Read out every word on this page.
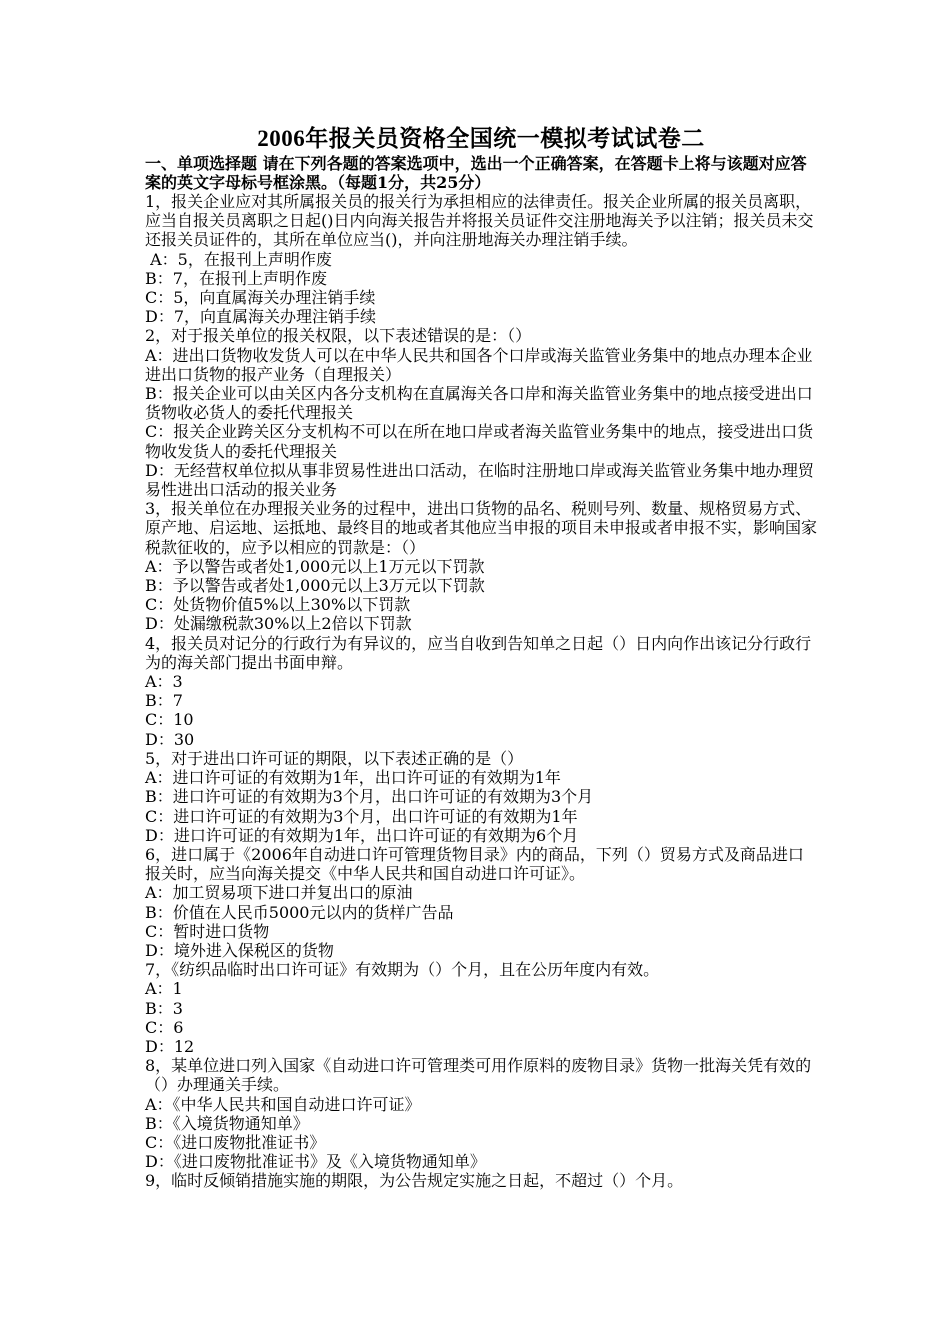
2006年报关员资格全国统一模拟考试试卷二

一、单项选择题 请在下列各题的答案选项中，选出一个正确答案，在答题卡上将与该题对应答案的英文字母标号框涂黑。（每题1分，共25分）

1，报关企业应对其所属报关员的报关行为承担相应的法律责任。报关企业所属的报关员离职，应当自报关员离职之日起()日内向海关报告并将报关员证件交注册地海关予以注销；报关员未交还报关员证件的，其所在单位应当()，并向注册地海关办理注销手续。

A：5，在报刊上声明作废

B：7，在报刊上声明作废

C：5，向直属海关办理注销手续

D：7，向直属海关办理注销手续

2，对于报关单位的报关权限，以下表述错误的是：（）

A：进出口货物收发货人可以在中华人民共和国各个口岸或海关监管业务集中的地点办理本企业进出口货物的报产业务（自理报关）

B：报关企业可以由关区内各分支机构在直属海关各口岸和海关监管业务集中的地点接受进出口货物收必货人的委托代理报关

C：报关企业跨关区分支机构不可以在所在地口岸或者海关监管业务集中的地点，接受进出口货物收发货人的委托代理报关

D：无经营权单位拟从事非贸易性进出口活动，在临时注册地口岸或海关监管业务集中地办理贸易性进出口活动的报关业务

3，报关单位在办理报关业务的过程中，进出口货物的品名、税则号列、数量、规格贸易方式、原产地、启运地、运抵地、最终目的地或者其他应当申报的项目未申报或者申报不实，影响国家税款征收的，应予以相应的罚款是：（）

A：予以警告或者处1,000元以上1万元以下罚款

B：予以警告或者处1,000元以上3万元以下罚款

C：处货物价值5%以上30%以下罚款

D：处漏缴税款30%以上2倍以下罚款

4，报关员对记分的行政行为有异议的，应当自收到告知单之日起（）日内向作出该记分行政行为的海关部门提出书面申辩。

A：3

B：7

C：10

D：30

5，对于进出口许可证的期限，以下表述正确的是（）

A：进口许可证的有效期为1年，出口许可证的有效期为1年

B：进口许可证的有效期为3个月，出口许可证的有效期为3个月

C：进口许可证的有效期为3个月，出口许可证的有效期为1年

D：进口许可证的有效期为1年，出口许可证的有效期为6个月

6，进口属于《2006年自动进口许可管理货物目录》内的商品，下列（）贸易方式及商品进口报关时，应当向海关提交《中华人民共和国自动进口许可证》。

A：加工贸易项下进口并复出口的原油

B：价值在人民币5000元以内的货样广告品

C：暂时进口货物

D：境外进入保税区的货物

7，《纺织品临时出口许可证》有效期为（）个月，且在公历年度内有效。

A：1

B：3

C：6

D：12

8，某单位进口列入国家《自动进口许可管理类可用作原料的废物目录》货物一批海关凭有效的（）办理通关手续。

A：《中华人民共和国自动进口许可证》

B：《入境货物通知单》

C：《进口废物批准证书》

D：《进口废物批准证书》及《入境货物通知单》

9，临时反倾销措施实施的期限，为公告规定实施之日起，不超过（）个月。
